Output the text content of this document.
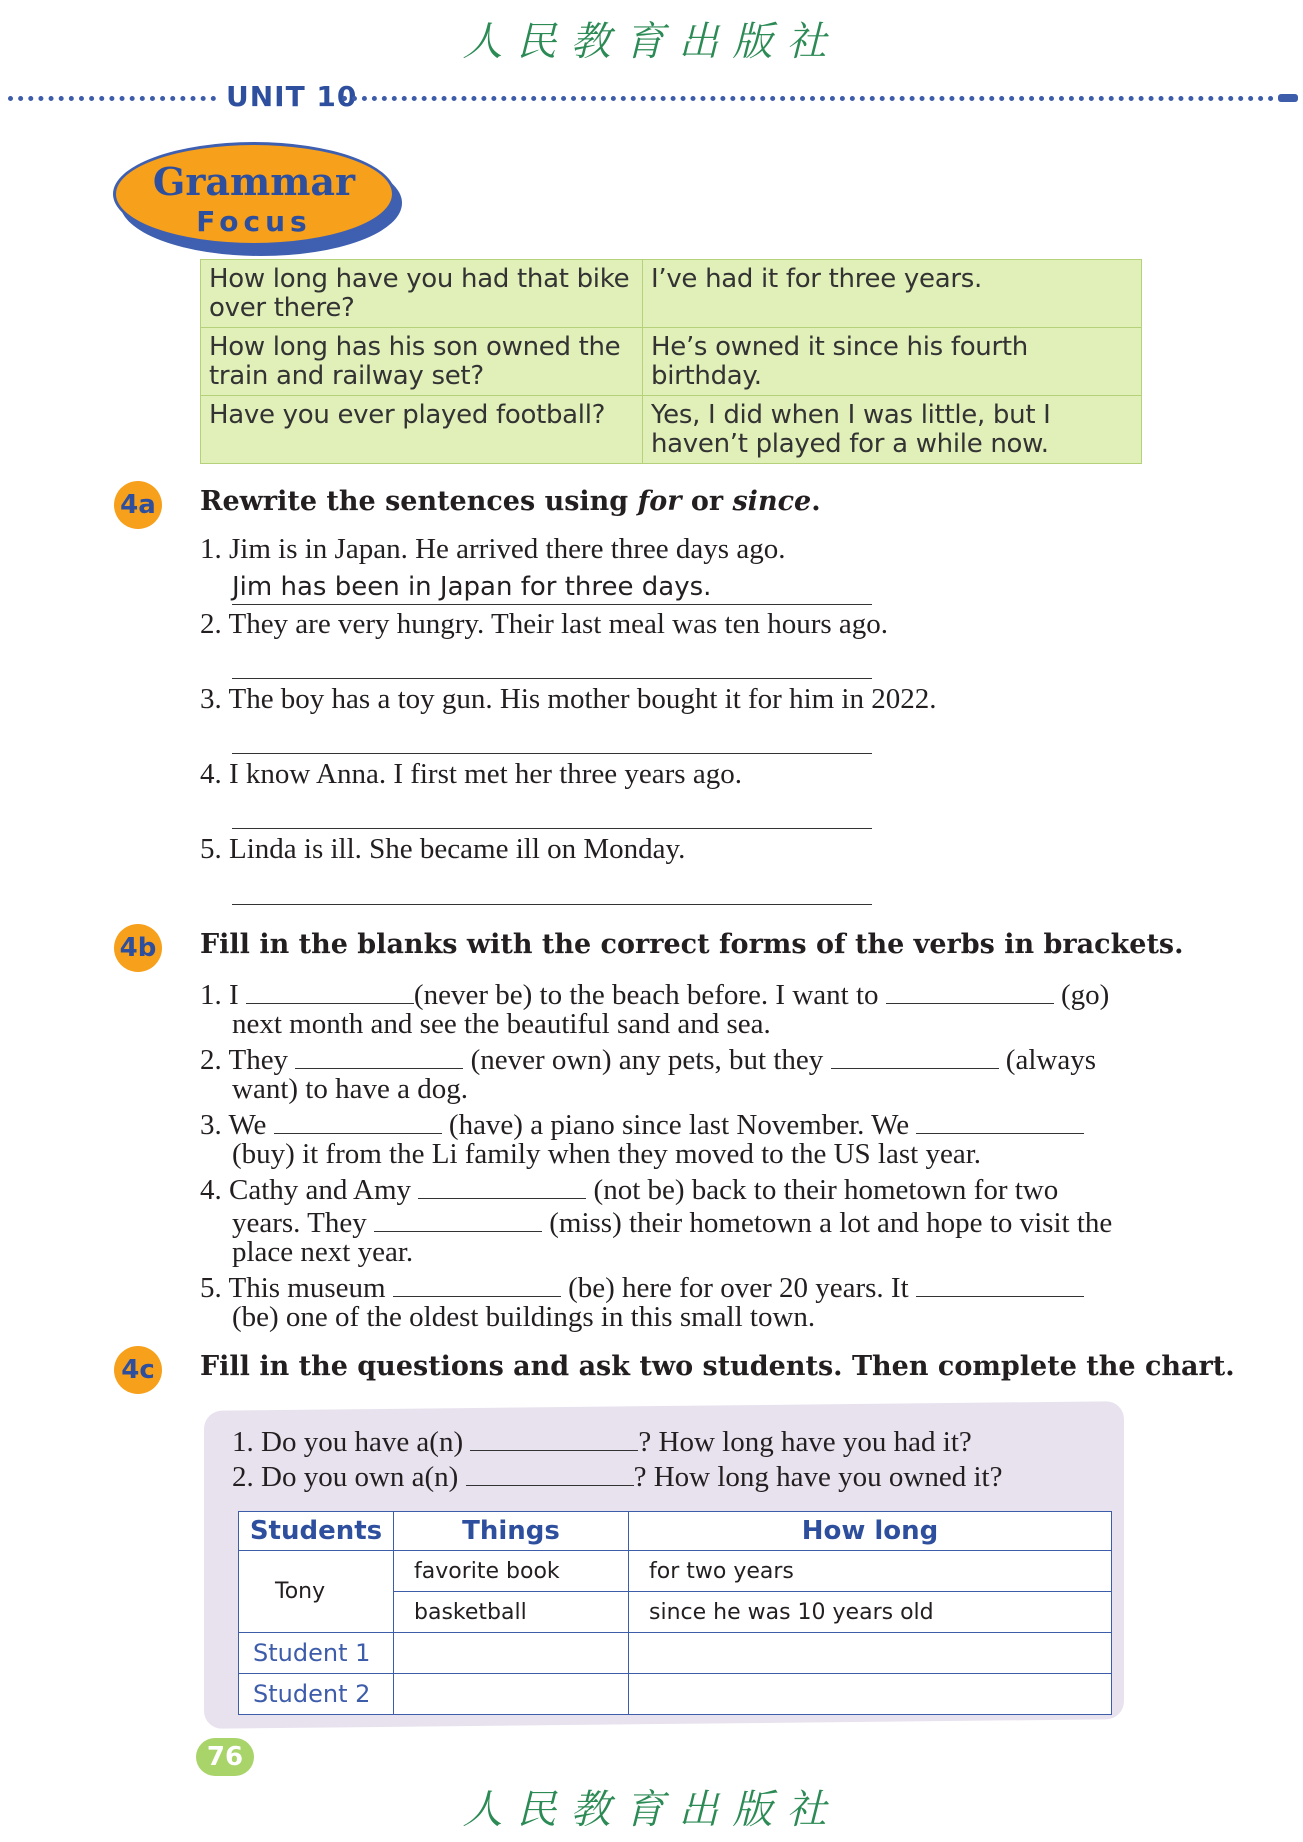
人民教育出版社
UNIT 10
Grammar
Focus
How long have you had that bike over there?	I’ve had it for three years.
How long has his son owned the train and railway set?	He’s owned it since his fourth birthday.
Have you ever played football?	Yes, I did when I was little, but I haven’t played for a while now.
4a Rewrite the sentences using for or since.
1. Jim is in Japan. He arrived there three days ago.
Jim has been in Japan for three days.
2. They are very hungry. Their last meal was ten hours ago.
3. The boy has a toy gun. His mother bought it for him in 2022.
4. I know Anna. I first met her three years ago.
5. Linda is ill. She became ill on Monday.
4b Fill in the blanks with the correct forms of the verbs in brackets.
1. I	(never be) to the beach before. I want to	(go)
next month and see the beautiful sand and sea.
2. They	(never own) any pets, but they	(always
want) to have a dog.
3. We	(have) a piano since last November. We
(buy) it from the Li family when they moved to the US last year.
4. Cathy and Amy	(not be) back to their hometown for two
years. They	(miss) their hometown a lot and hope to visit the
place next year.
5. This museum	(be) here for over 20 years. It
(be) one of the oldest buildings in this small town.
4c Fill in the questions and ask two students. Then complete the chart.
1. Do you have a(n)	? How long have you had it?
2. Do you own a(n)	? How long have you owned it?
Students	Things	How long
Tony	favorite book	for two years
	basketball	since he was 10 years old
Student 1		
Student 2		
76
人民教育出版社
